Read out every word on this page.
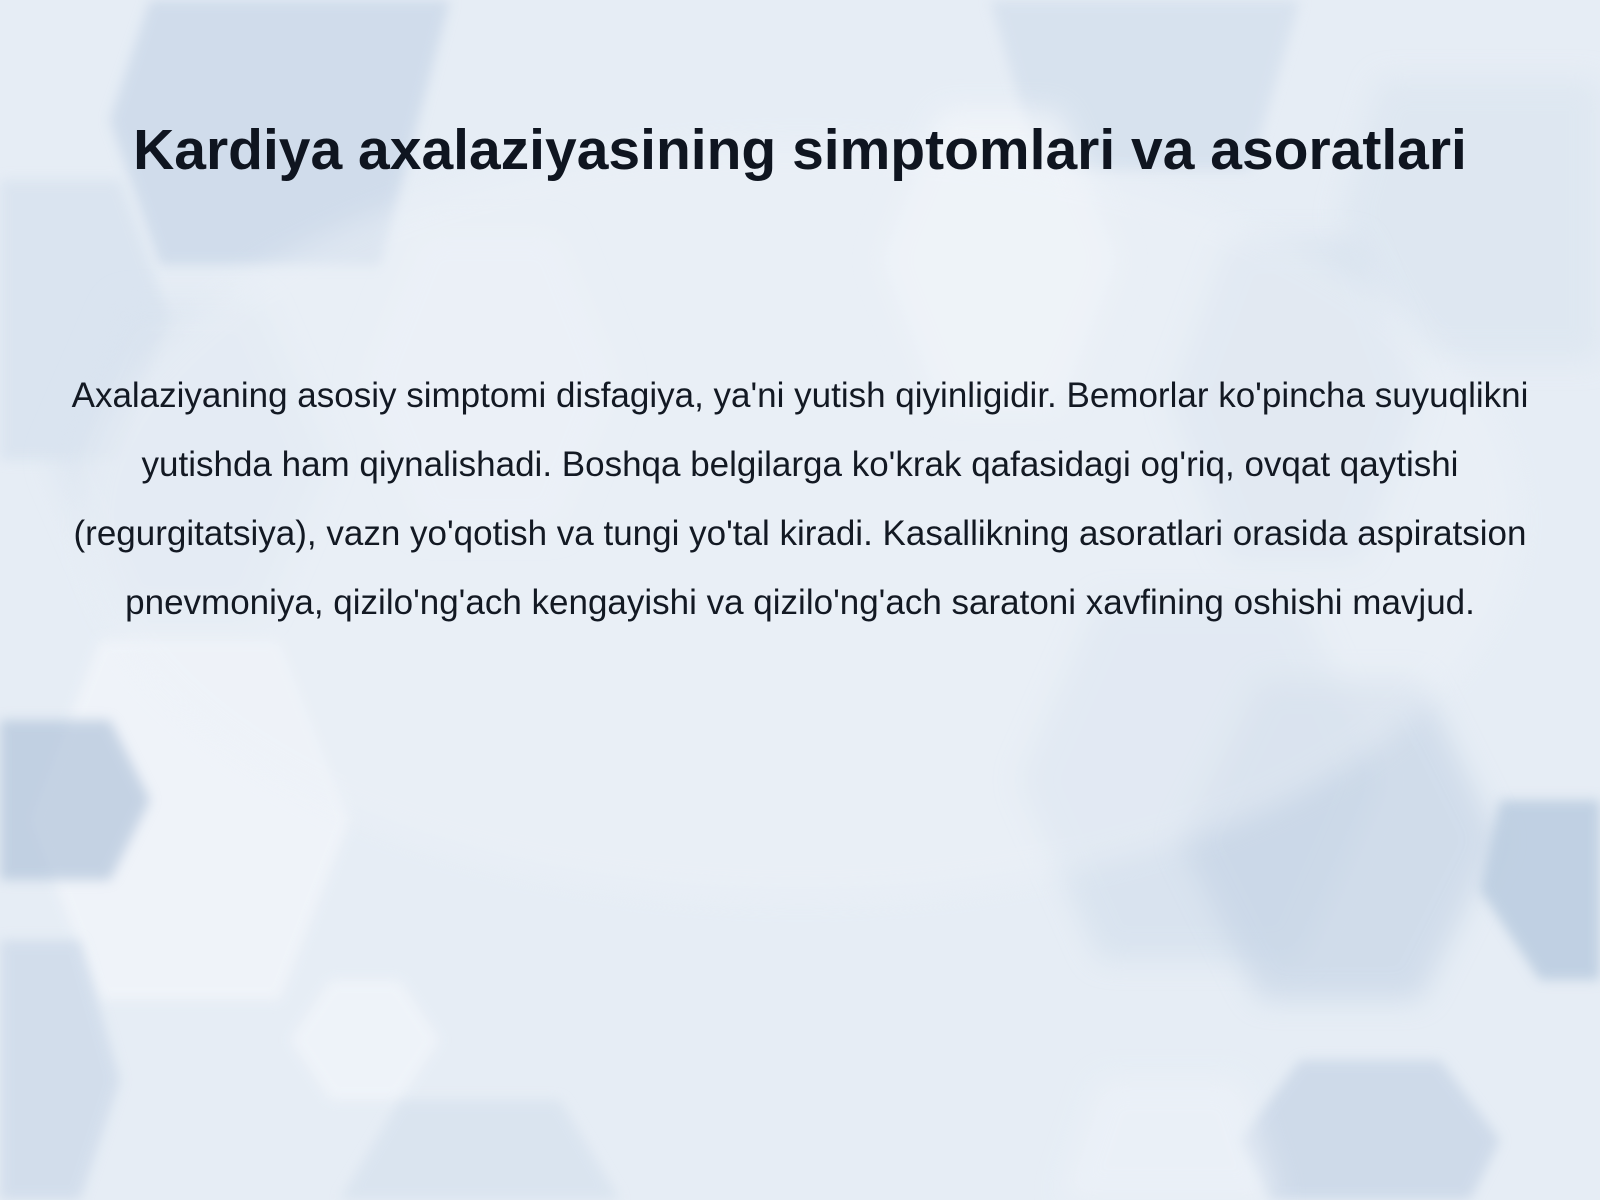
Kardiya axalaziyasining simptomlari va asoratlari

Axalaziyaning asosiy simptomi disfagiya, ya'ni yutish qiyinligidir. Bemorlar ko'pincha suyuqlikni yutishda ham qiynalishadi. Boshqa belgilarga ko'krak qafasidagi og'riq, ovqat qaytishi (regurgitatsiya), vazn yo'qotish va tungi yo'tal kiradi. Kasallikning asoratlari orasida aspiratsion pnevmoniya, qizilo'ng'ach kengayishi va qizilo'ng'ach saratoni xavfining oshishi mavjud.
